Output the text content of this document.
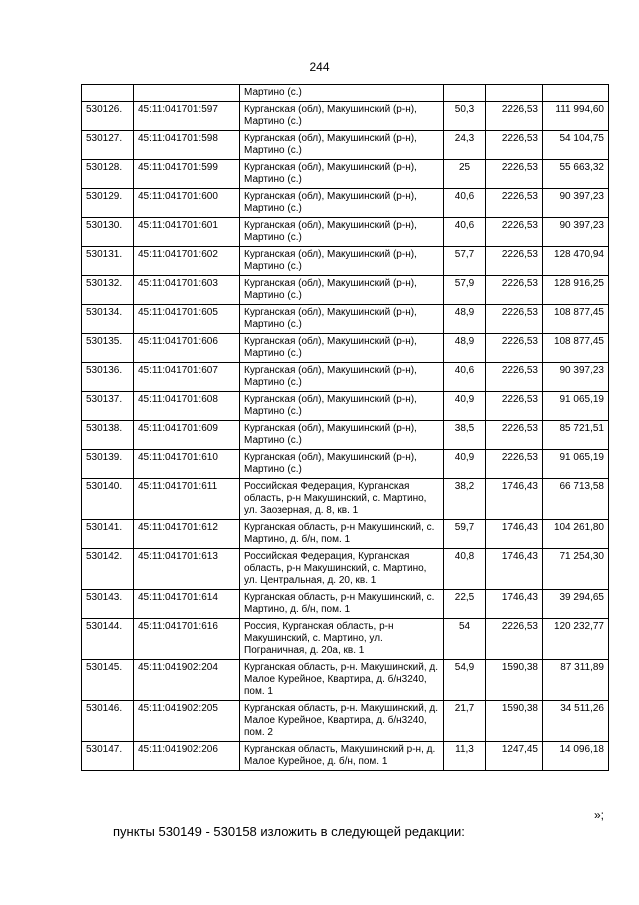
244
		Мартино (с.)			
530126.	45:11:041701:597	Курганская (обл), Макушинский (р-н), Мартино (с.)	50,3	2226,53	111 994,60
530127.	45:11:041701:598	Курганская (обл), Макушинский (р-н), Мартино (с.)	24,3	2226,53	54 104,75
530128.	45:11:041701:599	Курганская (обл), Макушинский (р-н), Мартино (с.)	25	2226,53	55 663,32
530129.	45:11:041701:600	Курганская (обл), Макушинский (р-н), Мартино (с.)	40,6	2226,53	90 397,23
530130.	45:11:041701:601	Курганская (обл), Макушинский (р-н), Мартино (с.)	40,6	2226,53	90 397,23
530131.	45:11:041701:602	Курганская (обл), Макушинский (р-н), Мартино (с.)	57,7	2226,53	128 470,94
530132.	45:11:041701:603	Курганская (обл), Макушинский (р-н), Мартино (с.)	57,9	2226,53	128 916,25
530134.	45:11:041701:605	Курганская (обл), Макушинский (р-н), Мартино (с.)	48,9	2226,53	108 877,45
530135.	45:11:041701:606	Курганская (обл), Макушинский (р-н), Мартино (с.)	48,9	2226,53	108 877,45
530136.	45:11:041701:607	Курганская (обл), Макушинский (р-н), Мартино (с.)	40,6	2226,53	90 397,23
530137.	45:11:041701:608	Курганская (обл), Макушинский (р-н), Мартино (с.)	40,9	2226,53	91 065,19
530138.	45:11:041701:609	Курганская (обл), Макушинский (р-н), Мартино (с.)	38,5	2226,53	85 721,51
530139.	45:11:041701:610	Курганская (обл), Макушинский (р-н), Мартино (с.)	40,9	2226,53	91 065,19
530140.	45:11:041701:611	Российская Федерация, Курганская область, р-н Макушинский, с. Мартино, ул. Заозерная, д. 8, кв. 1	38,2	1746,43	66 713,58
530141.	45:11:041701:612	Курганская область, р-н Макушинский, с. Мартино, д. б/н, пом. 1	59,7	1746,43	104 261,80
530142.	45:11:041701:613	Российская Федерация, Курганская область, р-н Макушинский, с. Мартино, ул. Центральная, д. 20, кв. 1	40,8	1746,43	71 254,30
530143.	45:11:041701:614	Курганская область, р-н Макушинский, с. Мартино, д. б/н, пом. 1	22,5	1746,43	39 294,65
530144.	45:11:041701:616	Россия, Курганская область, р-н Макушинский, с. Мартино, ул. Пограничная, д. 20а, кв. 1	54	2226,53	120 232,77
530145.	45:11:041902:204	Курганская область, р-н. Макушинский, д. Малое Курейное, Квартира, д. б/н3240, пом. 1	54,9	1590,38	87 311,89
530146.	45:11:041902:205	Курганская область, р-н. Макушинский, д. Малое Курейное, Квартира, д. б/н3240, пом. 2	21,7	1590,38	34 511,26
530147.	45:11:041902:206	Курганская область, Макушинский р-н, д. Малое Курейное, д. б/н, пом. 1	11,3	1247,45	14 096,18
»;
пункты 530149 - 530158 изложить в следующей редакции:
